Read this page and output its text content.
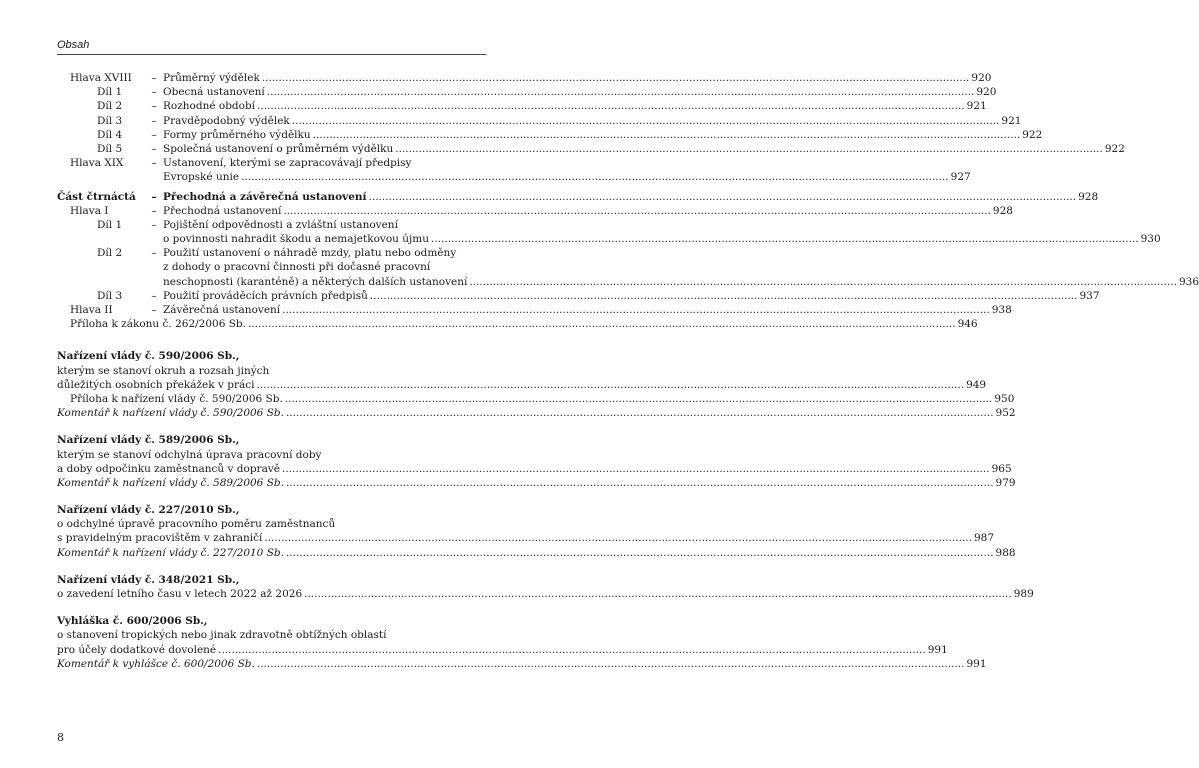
Obsah
Hlava XVIII	– Průměrný výdělek .....	920
Díl 1	– Obecná ustanovení .....	920
Díl 2	– Rozhodné období .....	921
Díl 3	– Pravděpodobný výdělek .....	921
Díl 4	– Formy průměrného výdělku .....	922
Díl 5	– Společná ustanovení o průměrném výdělku .....	922
Hlava XIX	– Ustanovení, kterými se zapracovávají předpisy
Evropské unie .....	927
Část čtrnáctá	– Přechodná a závěrečná ustanovení .....	928
Hlava I	– Přechodná ustanovení .....	928
Díl 1	– Pojištění odpovědnosti a zvláštní ustanovení
o povinnosti nahradit škodu a nemajetkovou újmu .....	930
Díl 2	– Použití ustanovení o náhradě mzdy, platu nebo odměny
z dohody o pracovní činnosti při dočasné pracovní
neschopnosti (karanténě) a některých dalších ustanovení .....	936
Díl 3	– Použití prováděcích právních předpisů .....	937
Hlava II	– Závěrečná ustanovení .....	938
Příloha k zákonu č. 262/2006 Sb. .....	946
Nařízení vlády č. 590/2006 Sb.,
kterým se stanoví okruh a rozsah jiných
důležitých osobních překážek v práci .....	949
Příloha k nařízení vlády č. 590/2006 Sb. .....	950
Komentář k nařízení vlády č. 590/2006 Sb. .....	952
Nařízení vlády č. 589/2006 Sb.,
kterým se stanoví odchylná úprava pracovní doby
a doby odpočinku zaměstnanců v dopravě .....	965
Komentář k nařízení vlády č. 589/2006 Sb. .....	979
Nařízení vlády č. 227/2010 Sb.,
o odchylné úpravě pracovního poměru zaměstnanců
s pravidelným pracovištěm v zahraničí .....	987
Komentář k nařízení vlády č. 227/2010 Sb. .....	988
Nařízení vlády č. 348/2021 Sb.,
o zavedení letního času v letech 2022 až 2026 .....	989
Vyhláška č. 600/2006 Sb.,
o stanovení tropických nebo jinak zdravotně obtížných oblastí
pro účely dodatkové dovolené .....	991
Komentář k vyhlášce č. 600/2006 Sb. .....	991
8
